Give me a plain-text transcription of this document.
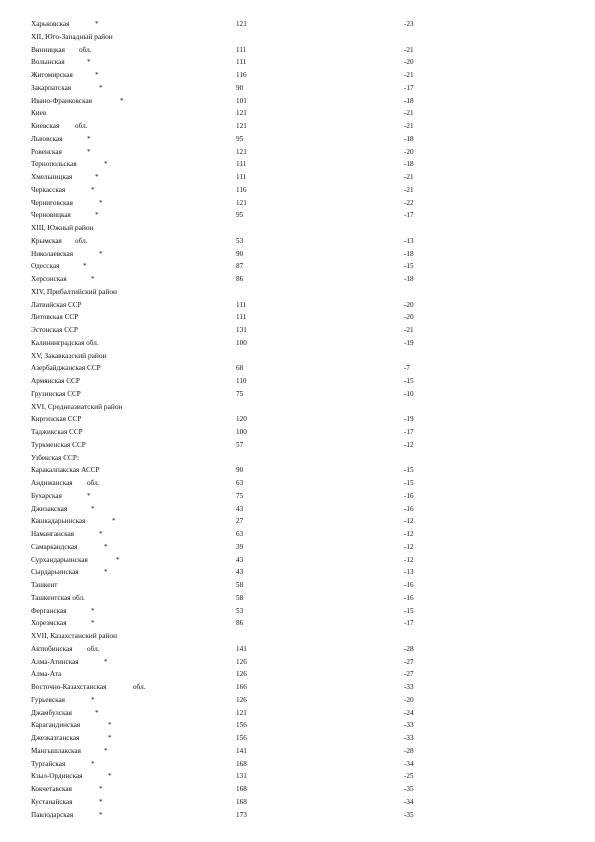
Харьковская	*	121	-23
XII, Юго-Западный район
Винницкая обл.	111	-21
Волынская	*	111	-20
Житомирская	*	116	-21
Закарпатская	*	90	-17
Ивано-Франковская	*	101	-18
Киев	121	-21
Киевская обл.	121	-21
Львовская	*	95	-18
Ровенская	*	121	-20
Тернопольская	*	111	-18
Хмельницкая	*	111	-21
Черкасская	*	116	-21
Черниговская	*	121	-22
Черновицкая	*	95	-17
XIII, Южный район
Крымская обл.	53	-13
Николаевская	*	90	-18
Одесская	*	87	-15
Херсонская	*	86	-18
XIV, Прибалтийский район
Латвийская ССР	111	-20
Литовская ССР	111	-20
Эстонская ССР	131	-21
Калининградская обл.	100	-19
XV, Закавказский район
Азербайджанская ССР	68	-7
Армянская ССР	110	-15
Грузинская ССР	75	-10
XVI, Среднеазиатский район
Киргизская ССР	120	-19
Таджикская ССР	100	-17
Туркменская ССР	57	-12
Узбекская ССР:
Каракалпакская АССР	90	-15
Андижанская обл.	63	-15
Бухарская	*	75	-16
Джизакская	*	43	-16
Кашкадарьинская	*	27	-12
Наманганская	*	63	-12
Самаркандская	*	39	-12
Сурхандарьинская	*	43	-12
Сырдарьинская	*	43	-13
Ташкент	58	-16
Ташкентская обл.	58	-16
Ферганская	*	53	-15
Хорезмская	*	86	-17
XVII, Казахстанский район
Актюбинская обл.	141	-28
Алма-Атинская	*	126	-27
Алма-Ата	126	-27
Восточно-Казахстанская	обл.	166	-33
Гурьевская	*	126	-20
Джамбулская	*	121	-24
Карагандинская	*	156	-33
Джезказганская	*	156	-33
Мангышлакская	*	141	-28
Тургайская	*	168	-34
Кзыл-Ординская	*	131	-25
Кокчетавская	*	168	-35
Кустанайская	*	168	-34
Павлодарская	*	173	-35
